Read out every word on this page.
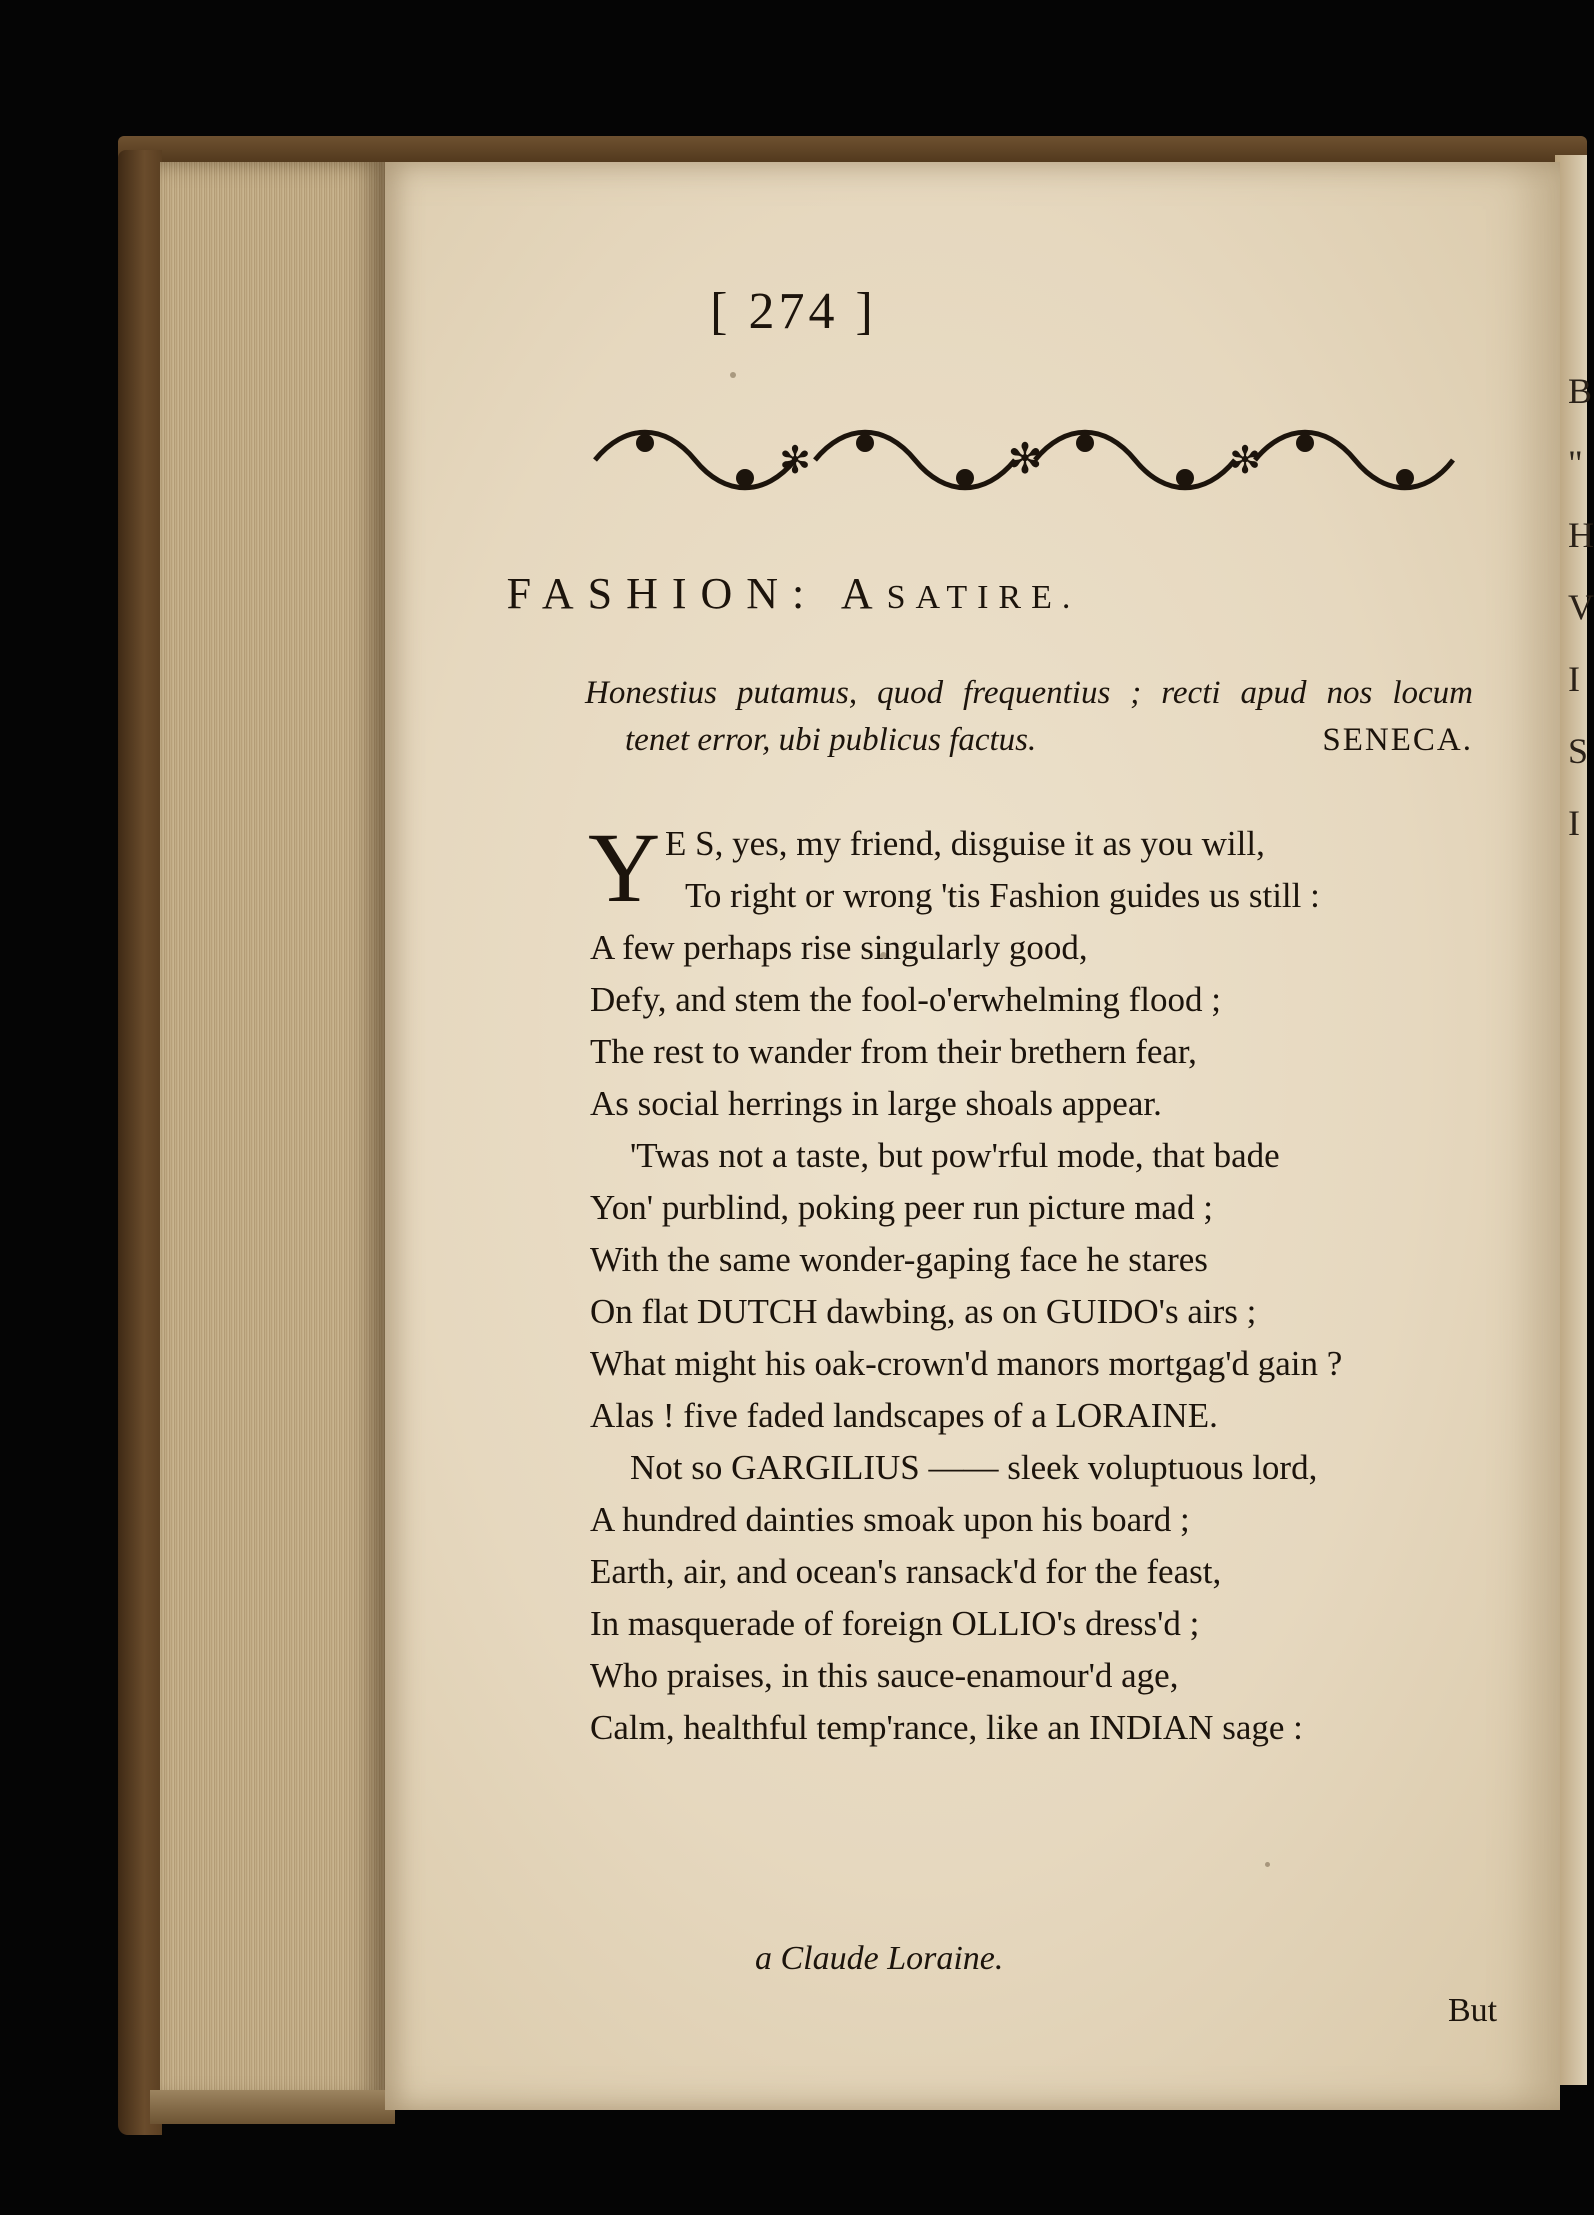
B
"
H
V
I
S
I
[ 274 ]
✻	✻	✻
FASHION: ASATIRE.
Honestius putamus, quod frequentius ; recti apud nos locum
tenet error, ubi publicus factus.	SENECA.
Y E S, yes, my friend, disguise it as you will,
To right or wrong 'tis Fashion guides us still :
A few perhaps rise singularly good,
Defy, and stem the fool-o'erwhelming flood ;
The rest to wander from their brethern fear,
As social herrings in large shoals appear.
'Twas not a taste, but pow'rful mode, that bade
Yon' purblind, poking peer run picture mad ;
With the same wonder-gaping face he stares
On flat DUTCH dawbing, as on GUIDO's airs ;
What might his oak-crown'd manors mortgag'd gain ?
Alas ! five faded landscapes of a LORAINE.
Not so GARGILIUS —— sleek voluptuous lord,
A hundred dainties smoak upon his board ;
Earth, air, and ocean's ransack'd for the feast,
In masquerade of foreign OLLIO's dress'd ;
Who praises, in this sauce-enamour'd age,
Calm, healthful temp'rance, like an INDIAN sage :
a Claude Loraine.
But
